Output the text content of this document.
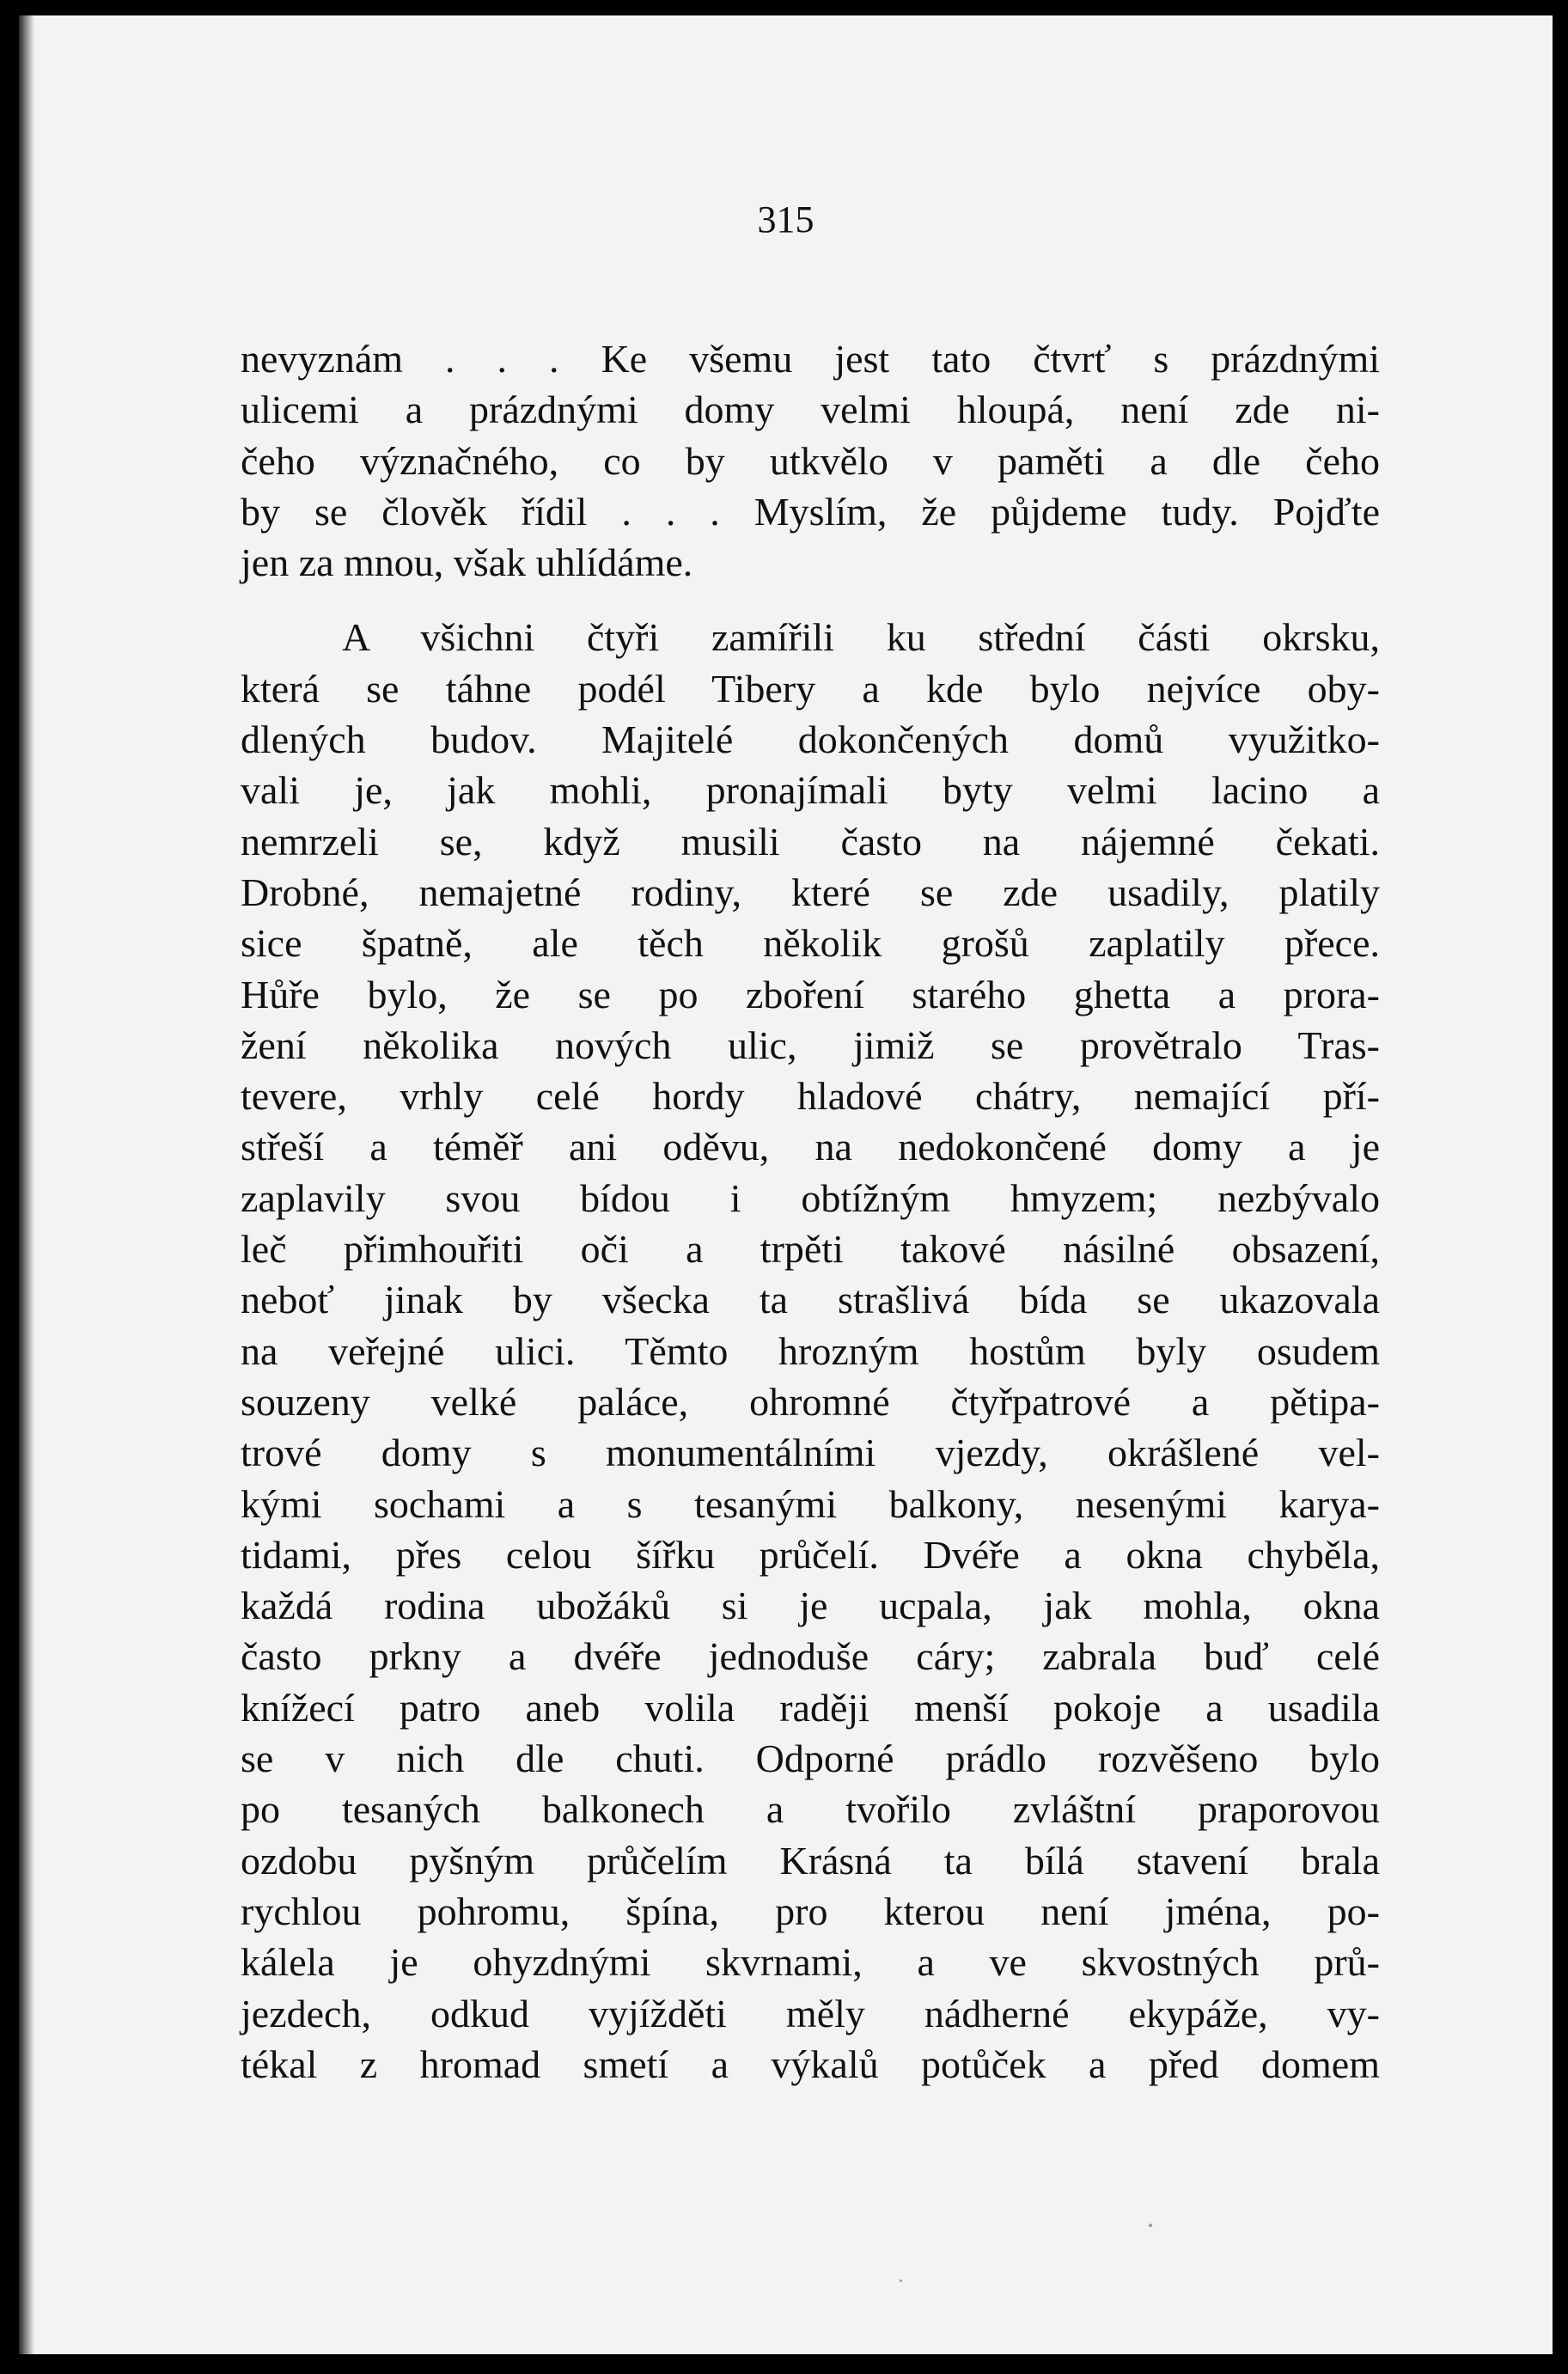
315
nevyznám . . . Ke všemu jest tato čtvrť s prázdnými
ulicemi a prázdnými domy velmi hloupá, není zde ni-
čeho význačného, co by utkvělo v paměti a dle čeho
by se člověk řídil . . . Myslím, že půjdeme tudy. Pojďte
jen za mnou, však uhlídáme.
A všichni čtyři zamířili ku střední části okrsku,
která se táhne podél Tibery a kde bylo nejvíce oby-
dlených budov. Majitelé dokončených domů využitko-
vali je, jak mohli, pronajímali byty velmi lacino a
nemrzeli se, když musili často na nájemné čekati.
Drobné, nemajetné rodiny, které se zde usadily, platily
sice špatně, ale těch několik grošů zaplatily přece.
Hůře bylo, že se po zboření starého ghetta a prora-
žení několika nových ulic, jimiž se provětralo Tras-
tevere, vrhly celé hordy hladové chátry, nemající pří-
střeší a téměř ani oděvu, na nedokončené domy a je
zaplavily svou bídou i obtížným hmyzem; nezbývalo
leč přimhouřiti oči a trpěti takové násilné obsazení,
neboť jinak by všecka ta strašlivá bída se ukazovala
na veřejné ulici. Těmto hrozným hostům byly osudem
souzeny velké paláce, ohromné čtyřpatrové a pětipa-
trové domy s monumentálními vjezdy, okrášlené vel-
kými sochami a s tesanými balkony, nesenými karya-
tidami, přes celou šířku průčelí. Dvéře a okna chyběla,
každá rodina ubožáků si je ucpala, jak mohla, okna
často prkny a dvéře jednoduše cáry; zabrala buď celé
knížecí patro aneb volila raději menší pokoje a usadila
se v nich dle chuti. Odporné prádlo rozvěšeno bylo
po tesaných balkonech a tvořilo zvláštní praporovou
ozdobu pyšným průčelím Krásná ta bílá stavení brala
rychlou pohromu, špína, pro kterou není jména, po-
kálela je ohyzdnými skvrnami, a ve skvostných prů-
jezdech, odkud vyjížděti měly nádherné ekypáže, vy-
tékal z hromad smetí a výkalů potůček a před domem
